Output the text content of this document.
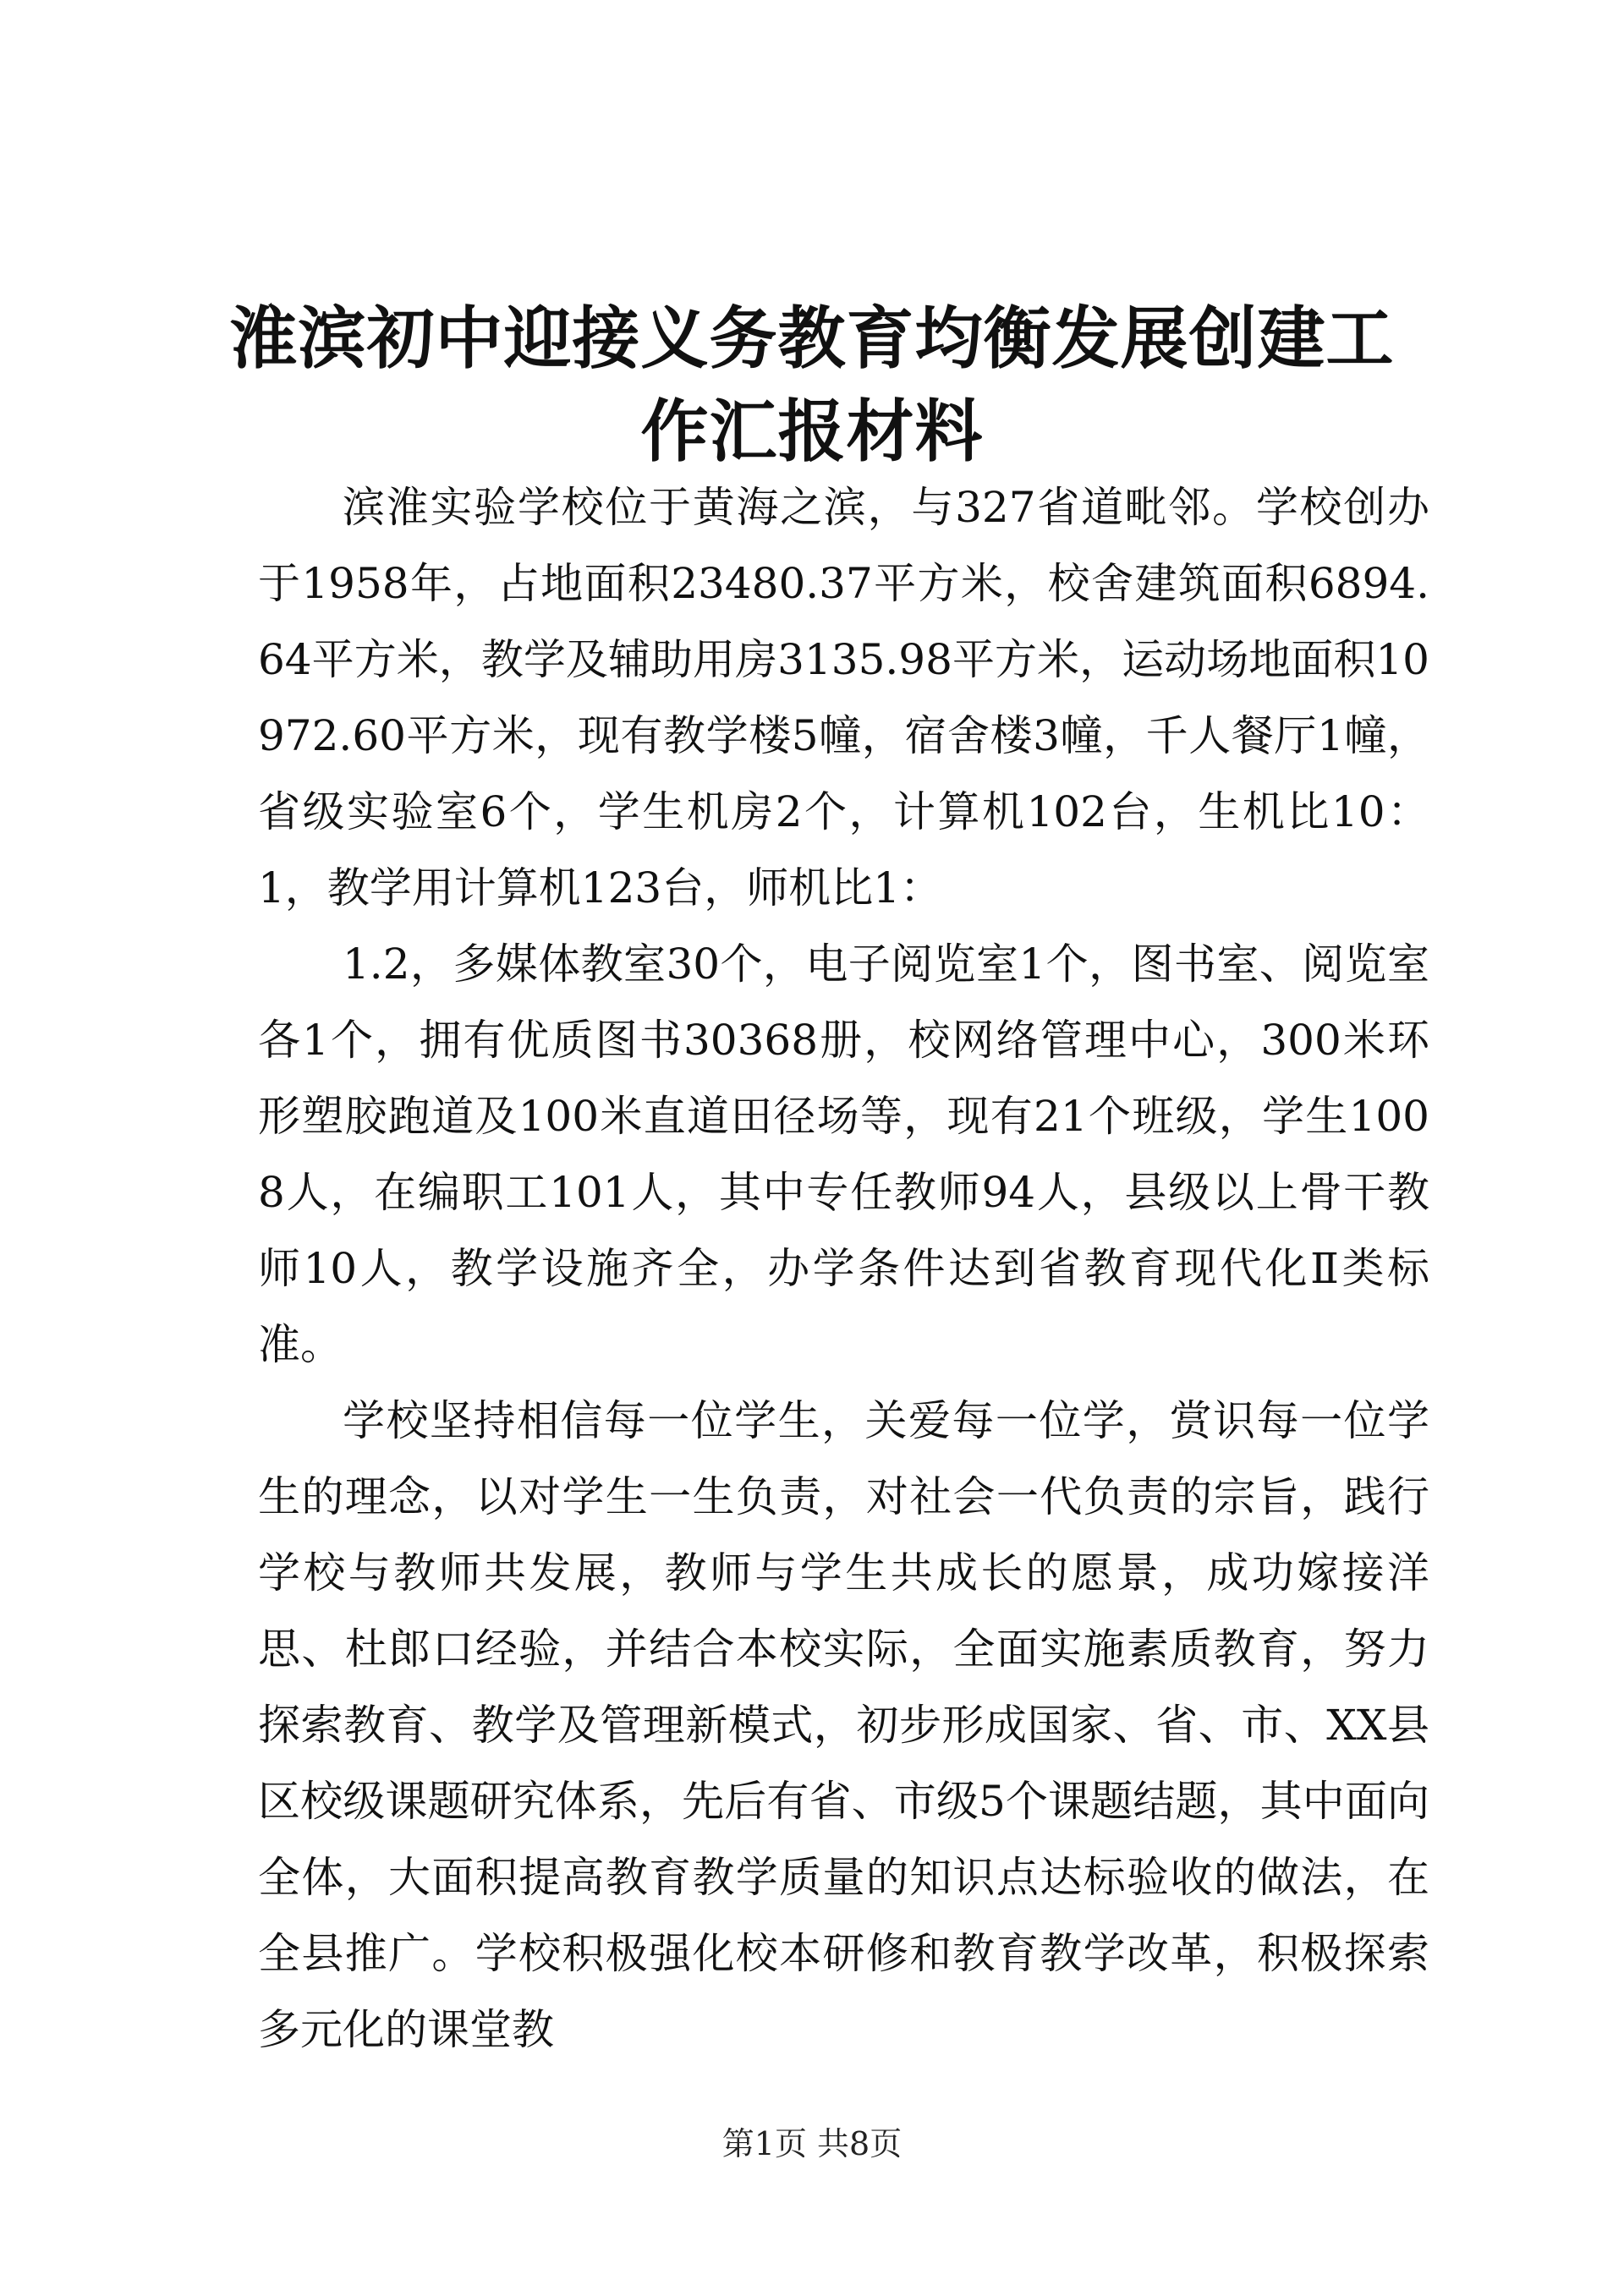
淮滨初中迎接义务教育均衡发展创建工作汇报材料

滨淮实验学校位于黄海之滨，与327省道毗邻。学校创办于1958年，占地面积23480.37平方米，校舍建筑面积6894.64平方米，教学及辅助用房3135.98平方米，运动场地面积10972.60平方米，现有教学楼5幢，宿舍楼3幢，千人餐厅1幢，省级实验室6个，学生机房2个，计算机102台，生机比10：1，教学用计算机123台，师机比1：

1.2，多媒体教室30个，电子阅览室1个，图书室、阅览室各1个，拥有优质图书30368册，校网络管理中心，300米环形塑胶跑道及100米直道田径场等，现有21个班级，学生1008人，在编职工101人，其中专任教师94人，县级以上骨干教师10人，教学设施齐全，办学条件达到省教育现代化Ⅱ类标准。

学校坚持相信每一位学生，关爱每一位学，赏识每一位学生的理念，以对学生一生负责，对社会一代负责的宗旨，践行学校与教师共发展，教师与学生共成长的愿景，成功嫁接洋思、杜郎口经验，并结合本校实际，全面实施素质教育，努力探索教育、教学及管理新模式，初步形成国家、省、市、XX县区校级课题研究体系，先后有省、市级5个课题结题，其中面向全体，大面积提高教育教学质量的知识点达标验收的做法，在全县推广。学校积极强化校本研修和教育教学改革，积极探索多元化的课堂教

第1页 共8页
